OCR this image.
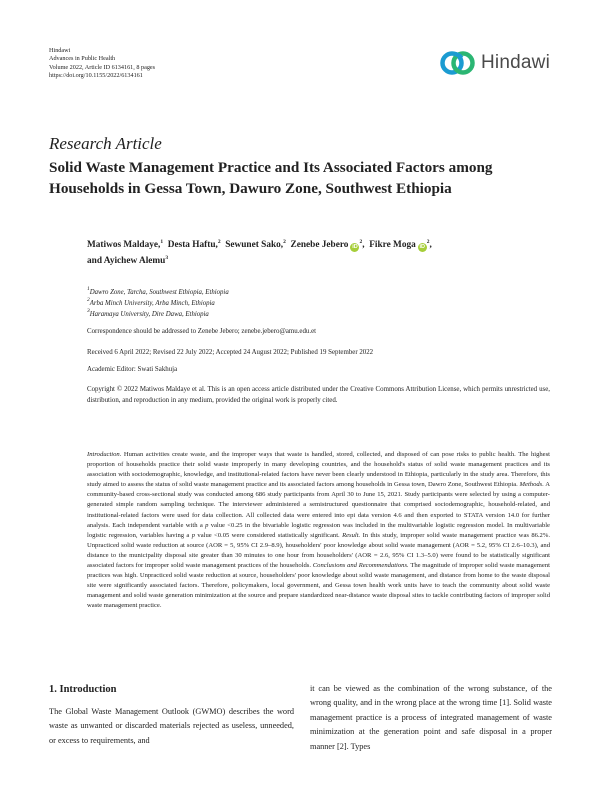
Hindawi
Advances in Public Health
Volume 2022, Article ID 6134161, 8 pages
https://doi.org/10.1155/2022/6134161
Hindawi
Research Article
Solid Waste Management Practice and Its Associated Factors among Households in Gessa Town, Dawuro Zone, Southwest Ethiopia
Matiwos Maldaye,$^1$ Desta Haftu,$^2$ Sewunet Sako,$^2$ Zenebe Jebero $iD^2$, Fikre Moga $iD^2$,
and Ayichew Alemu$^3$
$^1$Dawro Zone, Tarcha, Southwest Ethiopia, Ethiopia
$^2$Arba Minch University, Arba Minch, Ethiopia
$^3$Haramaya University, Dire Dawa, Ethiopia
Correspondence should be addressed to Zenebe Jebero; zenebe.jebero@amu.edu.et
Received 6 April 2022; Revised 22 July 2022; Accepted 24 August 2022; Published 19 September 2022
Academic Editor: Swati Sakhuja
Copyright © 2022 Matiwos Maldaye et al. This is an open access article distributed under the Creative Commons Attribution License, which permits unrestricted use, distribution, and reproduction in any medium, provided the original work is properly cited.
Introduction. Human activities create waste, and the improper ways that waste is handled, stored, collected, and disposed of can pose risks to public health. The highest proportion of households practice their solid waste improperly in many developing countries, and the household's status of solid waste management practices and its association with sociodemographic, knowledge, and institutional-related factors have never been clearly understood in Ethiopia, particularly in the study area. Therefore, this study aimed to assess the status of solid waste management practice and its associated factors among households in Gessa town, Dawro Zone, Southwest Ethiopia. Methods. A community-based cross-sectional study was conducted among 686 study participants from April 30 to June 15, 2021. Study participants were selected by using a computer-generated simple random sampling technique. The interviewer administered a semistructured questionnaire that comprised sociodemographic, household-related, and institutional-related factors were used for data collection. All collected data were entered into epi data version 4.6 and then exported to STATA version 14.0 for further analysis. Each independent variable with a p value <0.25 in the bivariable logistic regression was included in the multivariable logistic regression model. In multivariable logistic regression, variables having a p value <0.05 were considered statistically significant. Result. In this study, improper solid waste management practice was 86.2%. Unpracticed solid waste reduction at source (AOR = 5, 95% CI 2.9–8.9), householders' poor knowledge about solid waste management (AOR = 5.2, 95% CI 2.6–10.3), and distance to the municipality disposal site greater than 30 minutes to one hour from householders' (AOR = 2.6, 95% CI 1.3–5.0) were found to be statistically significant associated factors for improper solid waste management practices of the households. Conclusions and Recommendations. The magnitude of improper solid waste management practices was high. Unpracticed solid waste reduction at source, householders' poor knowledge about solid waste management, and distance from home to the waste disposal site were significantly associated factors. Therefore, policymakers, local government, and Gessa town health work units have to teach the community about solid waste management and solid waste generation minimization at the source and prepare standardized near-distance waste disposal sites to tackle contributing factors of improper solid waste management practice.
1. Introduction
The Global Waste Management Outlook (GWMO) describes the word waste as unwanted or discarded materials rejected as useless, unneeded, or excess to requirements, and
it can be viewed as the combination of the wrong substance, of the wrong quality, and in the wrong place at the wrong time [1]. Solid waste management practice is a process of integrated management of waste minimization at the generation point and safe disposal in a proper manner [2]. Types
